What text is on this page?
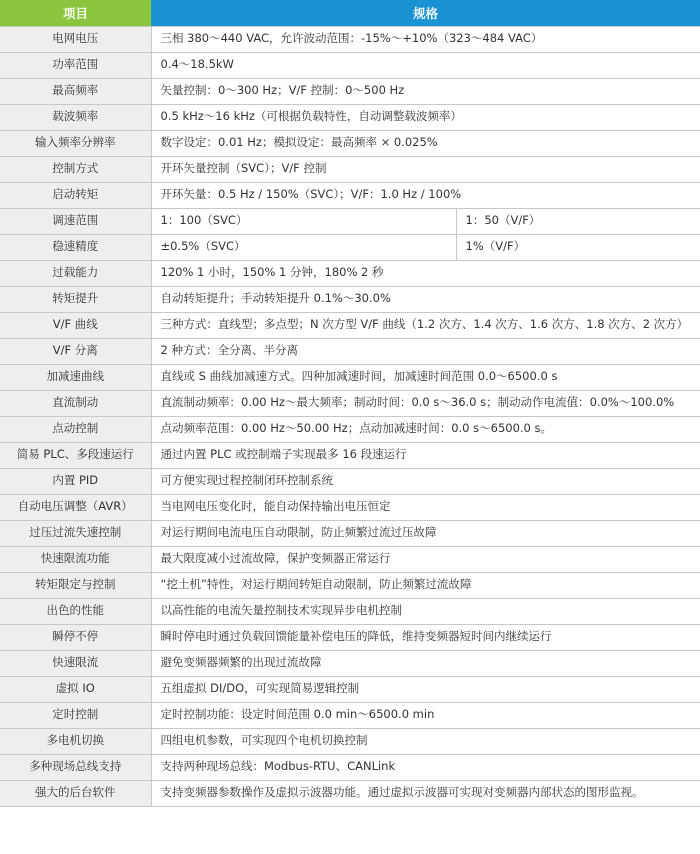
项目	规格	
电网电压	三相 380～440 VAC，允许波动范围：-15%～+10%（323～484 VAC）	
功率范围	0.4～18.5kW	
最高频率	矢量控制：0～300 Hz；V/F 控制：0～500 Hz	
载波频率	0.5 kHz～16 kHz（可根据负载特性，自动调整载波频率）	
输入频率分辨率	数字设定：0.01 Hz；模拟设定：最高频率 × 0.025%	
控制方式	开环矢量控制（SVC）；V/F 控制	
启动转矩	开环矢量：0.5 Hz / 150%（SVC）；V/F：1.0 Hz / 100%	
调速范围	1：100（SVC）	1：50（V/F）
稳速精度	±0.5%（SVC）	1%（V/F）
过载能力	120% 1 小时，150% 1 分钟，180% 2 秒	
转矩提升	自动转矩提升；手动转矩提升 0.1%～30.0%	
V/F 曲线	三种方式：直线型；多点型；N 次方型 V/F 曲线（1.2 次方、1.4 次方、1.6 次方、1.8 次方、2 次方）	
V/F 分离	2 种方式：全分离、半分离	
加减速曲线	直线或 S 曲线加减速方式。四种加减速时间，加减速时间范围 0.0～6500.0 s	
直流制动	直流制动频率：0.00 Hz～最大频率；制动时间：0.0 s～36.0 s；制动动作电流值：0.0%～100.0%	
点动控制	点动频率范围：0.00 Hz～50.00 Hz；点动加减速时间：0.0 s～6500.0 s。	
简易 PLC、多段速运行	通过内置 PLC 或控制端子实现最多 16 段速运行	
内置 PID	可方便实现过程控制闭环控制系统	
自动电压调整（AVR）	当电网电压变化时，能自动保持输出电压恒定	
过压过流失速控制	对运行期间电流电压自动限制，防止频繁过流过压故障	
快速限流功能	最大限度减小过流故障，保护变频器正常运行	
转矩限定与控制	“挖土机”特性，对运行期间转矩自动限制，防止频繁过流故障	
出色的性能	以高性能的电流矢量控制技术实现异步电机控制	
瞬停不停	瞬时停电时通过负载回馈能量补偿电压的降低，维持变频器短时间内继续运行	
快速限流	避免变频器频繁的出现过流故障	
虚拟 IO	五组虚拟 DI/DO，可实现简易逻辑控制	
定时控制	定时控制功能：设定时间范围 0.0 min～6500.0 min	
多电机切换	四组电机参数，可实现四个电机切换控制	
多种现场总线支持	支持两种现场总线：Modbus-RTU、CANLink	
强大的后台软件	支持变频器参数操作及虚拟示波器功能。通过虚拟示波器可实现对变频器内部状态的图形监视。	
